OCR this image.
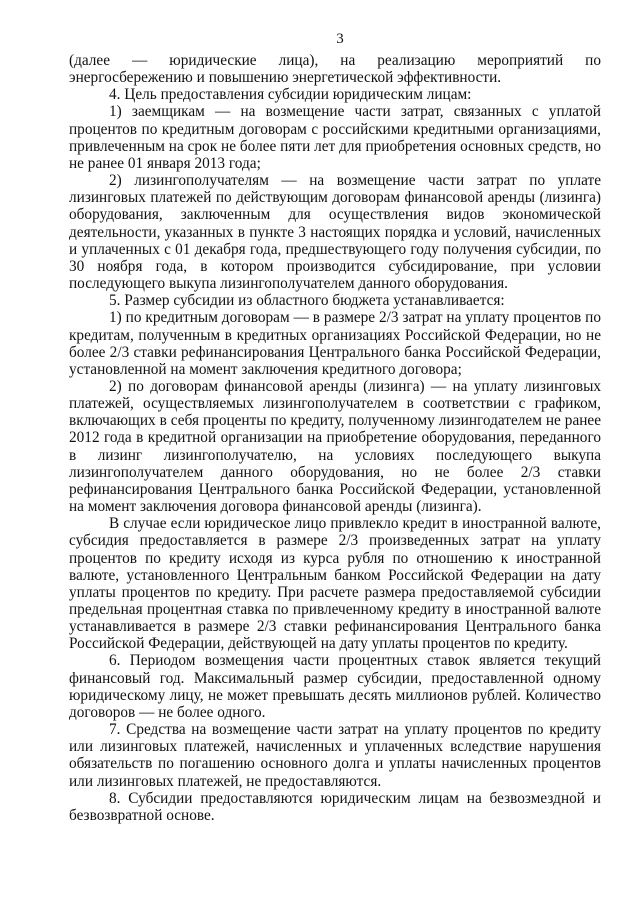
3

(далее — юридические лица), на реализацию мероприятий по энергосбережению и повышению энергетической эффективности.

4. Цель предоставления субсидии юридическим лицам:

1) заемщикам — на возмещение части затрат, связанных с уплатой процентов по кредитным договорам с российскими кредитными организациями, привлеченным на срок не более пяти лет для приобретения основных средств, но не ранее 01 января 2013 года;

2) лизингополучателям — на возмещение части затрат по уплате лизинговых платежей по действующим договорам финансовой аренды (лизинга) оборудования, заключенным для осуществления видов экономической деятельности, указанных в пункте 3 настоящих порядка и условий, начисленных и уплаченных с 01 декабря года, предшествующего году получения субсидии, по 30 ноября года, в котором производится субсидирование, при условии последующего выкупа лизингополучателем данного оборудования.

5. Размер субсидии из областного бюджета устанавливается:

1) по кредитным договорам — в размере 2/3 затрат на уплату процентов по кредитам, полученным в кредитных организациях Российской Федерации, но не более 2/3 ставки рефинансирования Центрального банка Российской Федерации, установленной на момент заключения кредитного договора;

2) по договорам финансовой аренды (лизинга) — на уплату лизинговых платежей, осуществляемых лизингополучателем в соответствии с графиком, включающих в себя проценты по кредиту, полученному лизингодателем не ранее 2012 года в кредитной организации на приобретение оборудования, переданного в лизинг лизингополучателю, на условиях последующего выкупа лизингополучателем данного оборудования, но не более 2/3 ставки рефинансирования Центрального банка Российской Федерации, установленной на момент заключения договора финансовой аренды (лизинга).

В случае если юридическое лицо привлекло кредит в иностранной валюте, субсидия предоставляется в размере 2/3 произведенных затрат на уплату процентов по кредиту исходя из курса рубля по отношению к иностранной валюте, установленного Центральным банком Российской Федерации на дату уплаты процентов по кредиту. При расчете размера предоставляемой субсидии предельная процентная ставка по привлеченному кредиту в иностранной валюте устанавливается в размере 2/3 ставки рефинансирования Центрального банка Российской Федерации, действующей на дату уплаты процентов по кредиту.

6. Периодом возмещения части процентных ставок является текущий финансовый год. Максимальный размер субсидии, предоставленной одному юридическому лицу, не может превышать десять миллионов рублей. Количество договоров — не более одного.

7. Средства на возмещение части затрат на уплату процентов по кредиту или лизинговых платежей, начисленных и уплаченных вследствие нарушения обязательств по погашению основного долга и уплаты начисленных процентов или лизинговых платежей, не предоставляются.

8. Субсидии предоставляются юридическим лицам на безвозмездной и безвозвратной основе.
